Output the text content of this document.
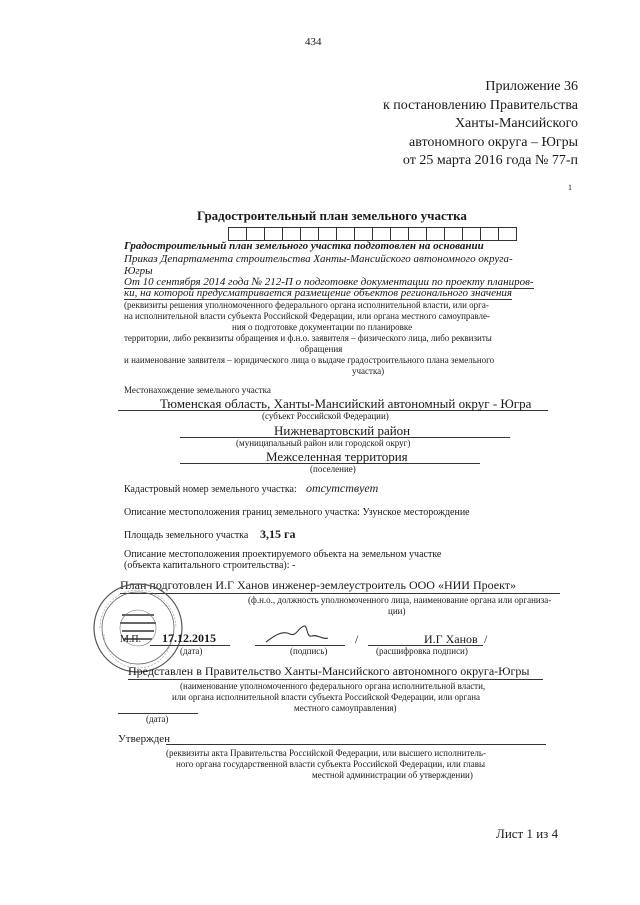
434
Приложение 36
к постановлению Правительства
Ханты-Мансийского
автономного округа – Югры
от 25 марта 2016 года № 77-п
1
Градостроительный план земельного участка
Градостроительный план земельного участка подготовлен на основании
Приказ Департамента строительства Ханты-Мансийского автономного округа-
Югры
От 10 сентября 2014 года № 212-П о подготовке документации по проекту планиров-
ки, на которой предусматривается размещение объектов регионального значения
(реквизиты решения уполномоченного федерального органа исполнительной власти, или орга-
на исполнительной власти субъекта Российской Федерации, или органа местного самоуправле-
ния о подготовке документации по планировке
территории, либо реквизиты обращения и ф.н.о. заявителя – физического лица, либо реквизиты
обращения
и наименование заявителя – юридического лица о выдаче градостроительного плана земельного
участка)
Местонахождение земельного участка
Тюменская область, Ханты-Мансийский автономный округ - Югра
(субъект Российской Федерации)
Нижневартовский район
(муниципальный район или городской округ)
Межселенная территория
(поселение)
Кадастровый номер земельного участка: отсутствует
Описание местоположения границ земельного участка: Узунское месторождение
Площадь земельного участка 3,15 га
Описание местоположения проектируемого объекта на земельном участке
(объекта капитального строительства): -
План подготовлен И.Г Ханов инженер-землеустроитель ООО «НИИ Проект»
(ф.н.о., должность уполномоченного лица, наименование органа или организа-
ции)
М.П. 17.12.2015
(дата)	(подпись)
/	И.Г Ханов /
(расшифровка подписи)
Представлен в Правительство Ханты-Мансийского автономного округа-Югры
(наименование уполномоченного федерального органа исполнительной власти,
или органа исполнительной власти субъекта Российской Федерации, или органа
местного самоуправления)
(дата)
Утвержден
(реквизиты акта Правительства Российской Федерации, или высшего исполнитель-
ного органа государственной власти субъекта Российской Федерации, или главы
местной администрации об утверждении)
Лист 1 из 4
